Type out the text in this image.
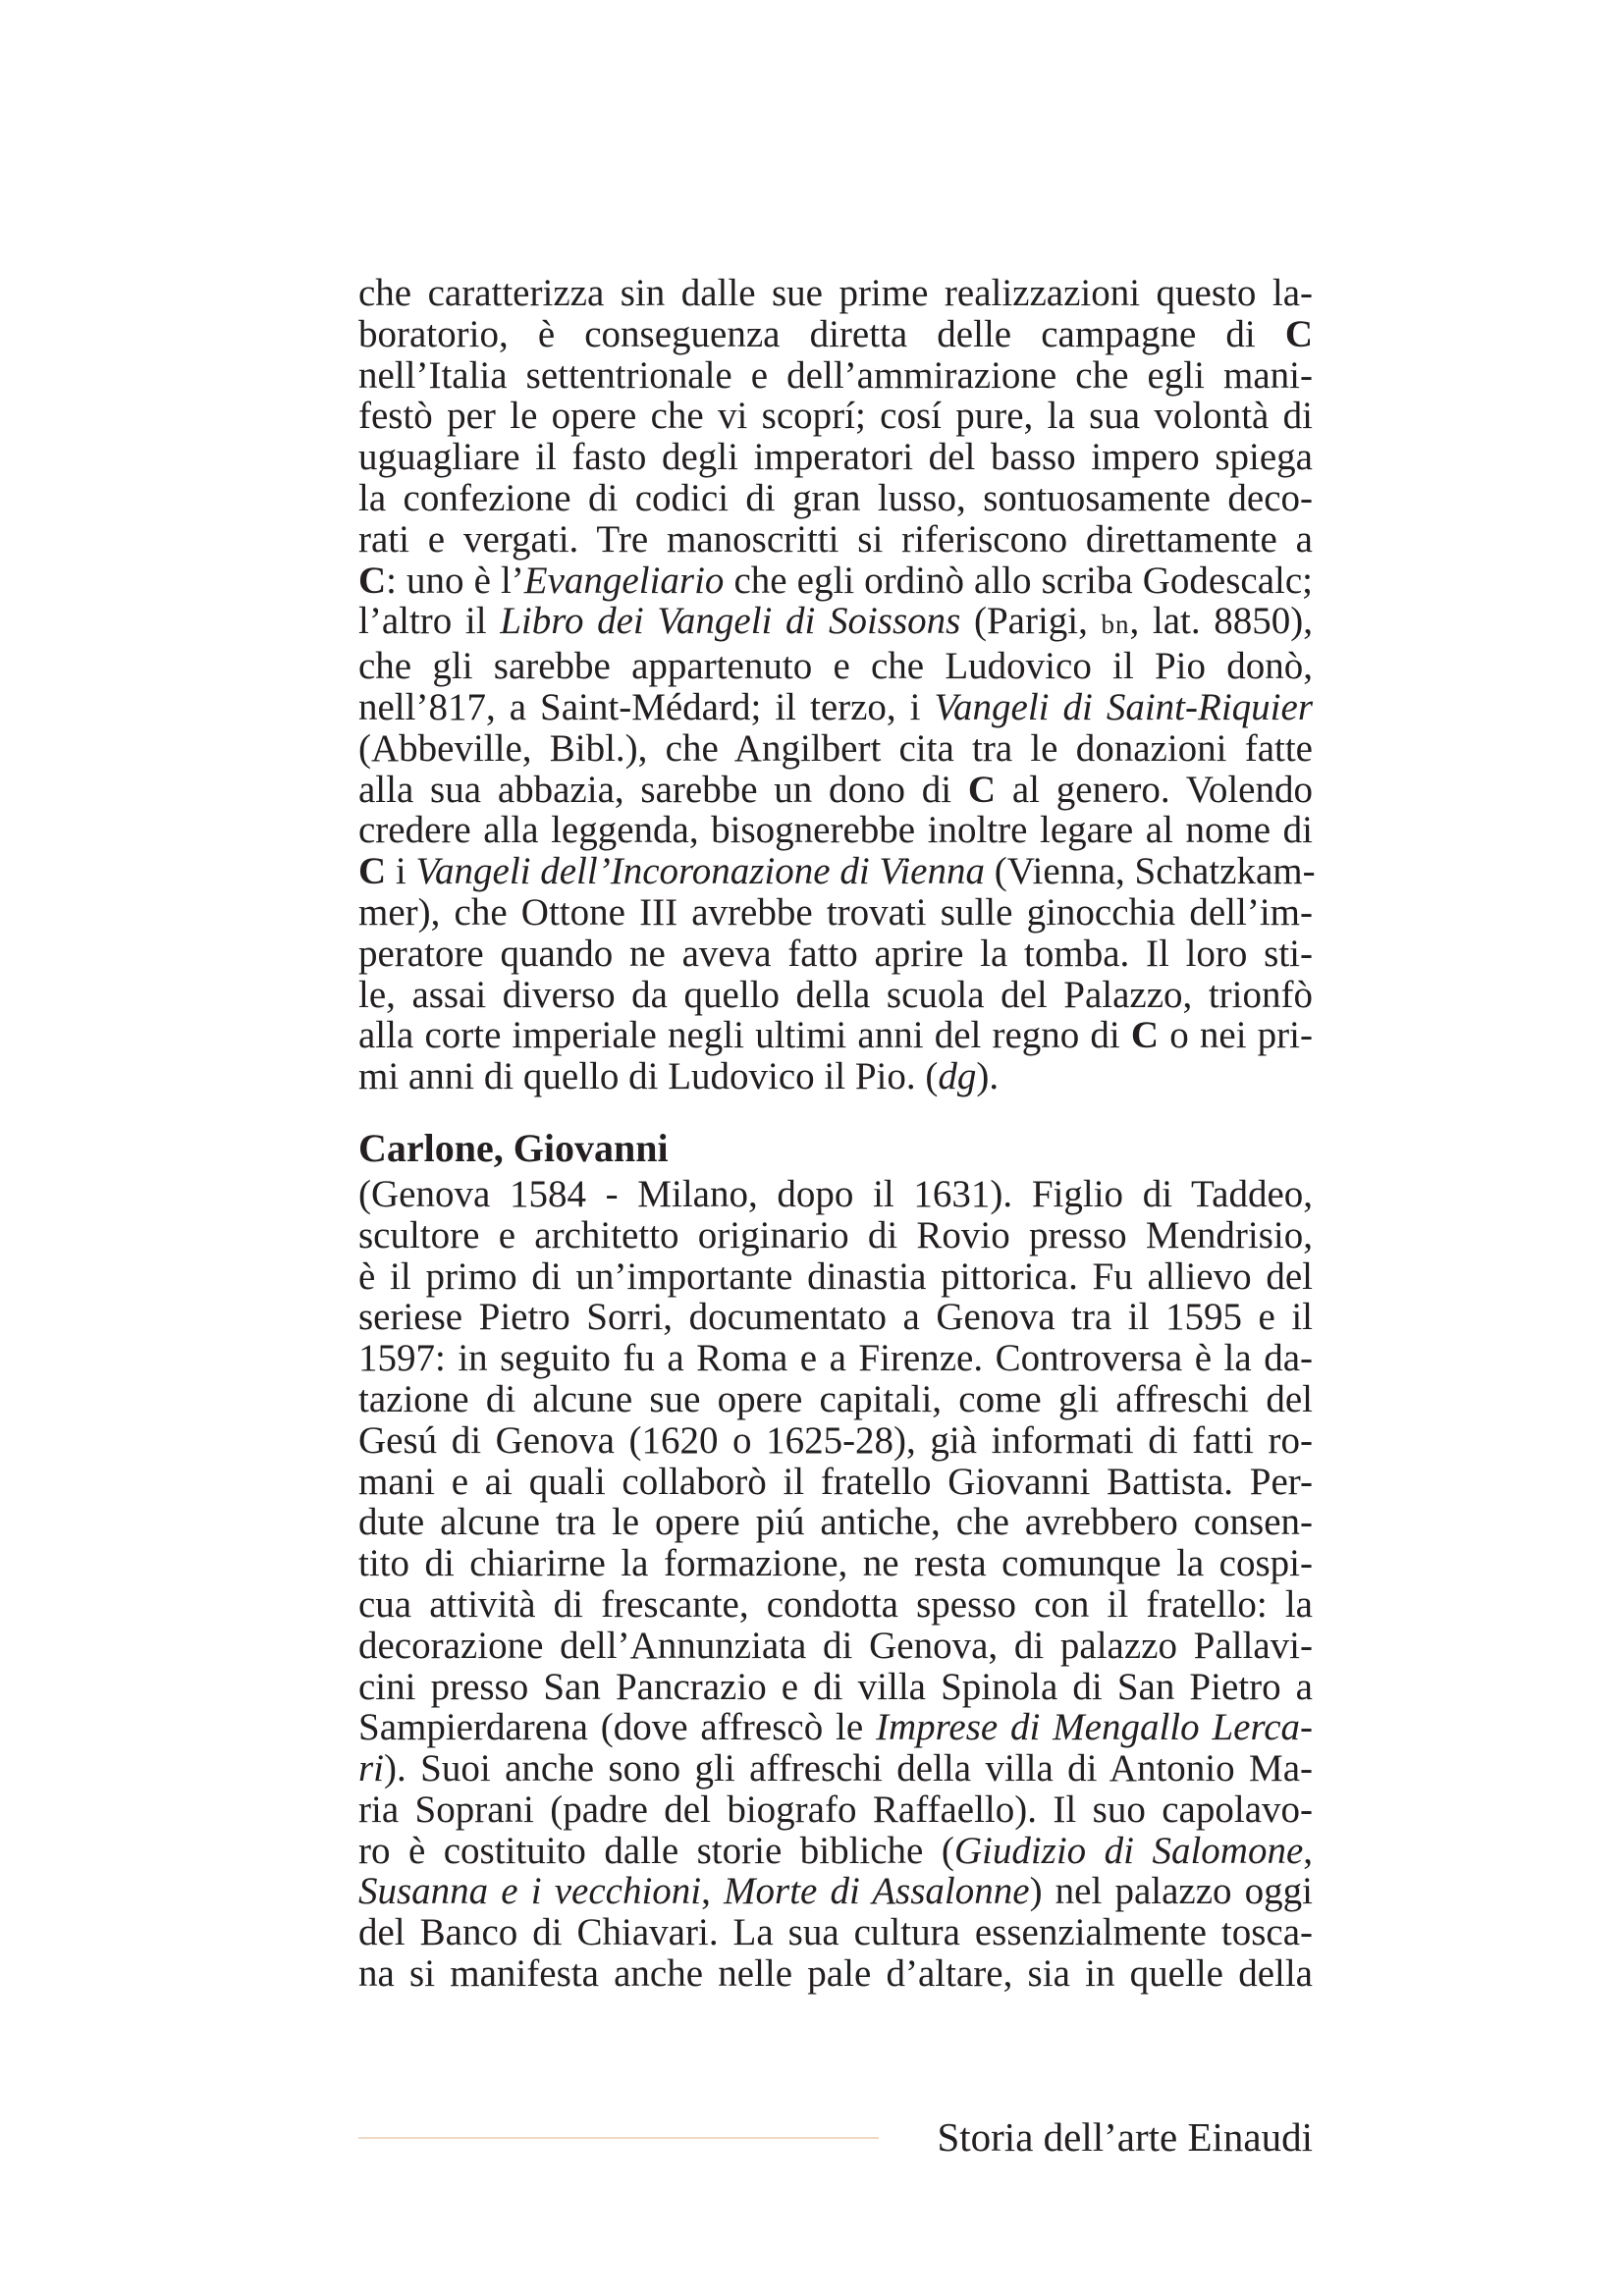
che caratterizza sin dalle sue prime realizzazioni questo la-
boratorio, è conseguenza diretta delle campagne di C
nell’Italia settentrionale e dell’ammirazione che egli mani-
festò per le opere che vi scoprí; cosí pure, la sua volontà di
uguagliare il fasto degli imperatori del basso impero spiega
la confezione di codici di gran lusso, sontuosamente deco-
rati e vergati. Tre manoscritti si riferiscono direttamente a
C: uno è l’Evangeliario che egli ordinò allo scriba Godescalc;
l’altro il Libro dei Vangeli di Soissons (Parigi, bn, lat. 8850),
che gli sarebbe appartenuto e che Ludovico il Pio donò,
nell’817, a Saint-Médard; il terzo, i Vangeli di Saint-Riquier
(Abbeville, Bibl.), che Angilbert cita tra le donazioni fatte
alla sua abbazia, sarebbe un dono di C al genero. Volendo
credere alla leggenda, bisognerebbe inoltre legare al nome di
C i Vangeli dell’Incoronazione di Vienna (Vienna, Schatzkam-
mer), che Ottone III avrebbe trovati sulle ginocchia dell’im-
peratore quando ne aveva fatto aprire la tomba. Il loro sti-
le, assai diverso da quello della scuola del Palazzo, trionfò
alla corte imperiale negli ultimi anni del regno di C o nei pri-
mi anni di quello di Ludovico il Pio. (dg).
Carlone, Giovanni
(Genova 1584 - Milano, dopo il 1631). Figlio di Taddeo,
scultore e architetto originario di Rovio presso Mendrisio,
è il primo di un’importante dinastia pittorica. Fu allievo del
seriese Pietro Sorri, documentato a Genova tra il 1595 e il
1597: in seguito fu a Roma e a Firenze. Controversa è la da-
tazione di alcune sue opere capitali, come gli affreschi del
Gesú di Genova (1620 o 1625-28), già informati di fatti ro-
mani e ai quali collaborò il fratello Giovanni Battista. Per-
dute alcune tra le opere piú antiche, che avrebbero consen-
tito di chiarirne la formazione, ne resta comunque la cospi-
cua attività di frescante, condotta spesso con il fratello: la
decorazione dell’Annunziata di Genova, di palazzo Pallavi-
cini presso San Pancrazio e di villa Spinola di San Pietro a
Sampierdarena (dove affrescò le Imprese di Mengallo Lerca-
ri). Suoi anche sono gli affreschi della villa di Antonio Ma-
ria Soprani (padre del biografo Raffaello). Il suo capolavo-
ro è costituito dalle storie bibliche (Giudizio di Salomone,
Susanna e i vecchioni, Morte di Assalonne) nel palazzo oggi
del Banco di Chiavari. La sua cultura essenzialmente tosca-
na si manifesta anche nelle pale d’altare, sia in quelle della
Storia dell’arte Einaudi
